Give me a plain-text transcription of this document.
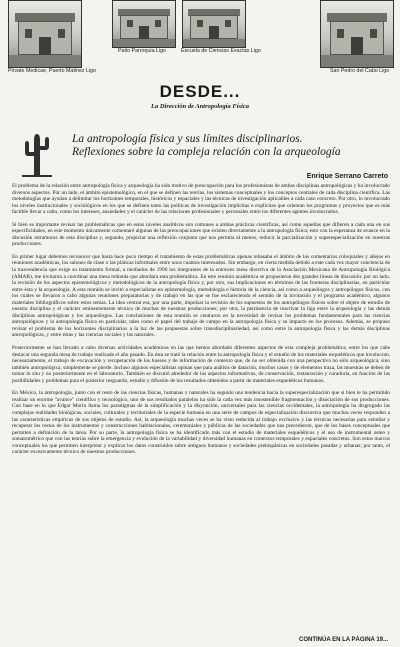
Patio Parroquia Ligo	Escuela de Ciencias Exactas Ligo
Private Medicae, Puerto Matinez Ligo	San Pedro del Cabo Ligo
DESDE...
La Dirección de Antropología Física
La antropología física y sus límites disciplinarios.
Reflexiones sobre la compleja relación con la arqueología
Enrique Serrano Carreto

El problema de la relación entre antropología física y arqueología ha sido motivo de preocupación para los profesionistas de ambas disciplinas antropológicas y ha involucrado diversos aspectos. Por un lado, el ámbito epistemológico, en el que se definen las teorías, los sistemas conceptuales y los conceptos centrales de cada disciplina científica. Las metodologías que ayudan a delimitar los horizontes temporales, históricos y espaciales y las técnicas de investigación aplicables a cada caso concreto. Por otro, lo involucrado los niveles institucionales y sociológicos en los que se definen tanto las políticas de investigación implícitas o explícitas que orientan los programas y proyectos que es más factible llevar a cabo, como los intereses, ansiedades y el carácter de las relaciones profesionales y personales entre los diferentes agentes involucrados.

Si bien es importante revisar las problemáticas que en estos niveles analíticos son comunes a ambas prácticas científicas, así como aquellas que difieren a cada una en sus especificidades, en este momento únicamente comentaré algunas de las preocupaciones que existen directamente a la antropología física; esto con la esperanza de avance en la discusión intramuros de esta disciplina y, segundo, propiciar una reflexión conjunta que nos permita al menos, reducir la parcialización y superespecialización en nuestras producciones.

En primer lugar debemos reconocer que hasta hace poco tiempo el tratamiento de estas problemáticas apenas rebasaba el ámbito de los comentarios coloquiales y añejos en reuniones académicas, los salones de clase o las pláticas informales entre unos cuantos interesados. Sin embargo, en cierta medida debido a este cada vez mayor conciencia de la trascendencia que exige su tratamiento formal, a mediados de 1990 los integrantes de la entonces mesa directiva de la Asociación Mexicana de Antropología Biológica (AMAB), me invitaron a coordinar una mesa redonda que abordara esta problemática. En este reunión académica se propusieron dos grandes líneas de discusión: por un lado, la revisión de los aspectos epistemológicos y metodológicos de la antropología física y, por otro, sus implicaciones en términos de las fronteras disciplinarias, en particular entre ésta y la arqueología. A esta reunión se invitó a especialistas en epistemología, metodología e historia de la ciencia, así como a arqueólogos y antropólogos físicos, con los cuales se llevaron a cabo algunas reuniones preparatorias y de trabajo en las que se fue esclareciendo el sentido de la invitación y el programa académico, algunos materiales bibliográficos sobre estos temas. La idea central era, por una parte, impulsar la revisión de los supuestos de los antropólogos físicos sobre el objeto de estudio de nuestra disciplina y el carácter eminentemente técnico de muchas de nuestras producciones; por otra, la pertinencia de reactivar la liga entre la arqueología y las demás disciplinas antropológicas y los arqueólogos. Las conclusiones de esta reunión se centraron en la necesidad de revisar los problemas fundamentales para las ciencias antropológicas y la antropología física en particular, tales como el papel del trabajo de campo en la antropología física y su impacto en los procesos. Además, se propuso revisar el problema de los horizontes disciplinarios a la luz de las propuestas sobre transdisciplinariedad, así como entre la antropología física y las demás disciplinas antropológicas, y entre éstas y las ciencias sociales y las naturales.

Posteriormente se han llevado a cabo diversas actividades académicas en las que hemos abordado diferentes aspectos de esta compleja problemática, entre los que cabe destacar una segunda mesa de trabajo realizada el año pasado. En ésta se trató la relación entre la antropología física y el estudio de los materiales esqueléticos que involucran, necesariamente, el trabajo de excavación y recuperación de los huesos y de información de contexto que, de no ser obtenida con una perspectiva no sólo arqueológica, sino también antropológica, simplemente se pierde. Incluso algunos especialistas opinan que para análisis de datación, muchos casos y de elementos traza, las muestras se deben de tomar in situ y no posteriormente en el laboratorio. También se discutió alrededor de los aspectos informativos, de conservación, restauración y curaduría, en función de las posibilidades y problemas para el posterior resguardo, estudio y difusión de los resultados obtenidos a partir de materiales esqueléticos humanos.

En México, la antropología, junto con el resto de las ciencias físicas, humanas y naturales ha seguido una tendencia hacia la superespecialización que si bien le ha permitido realizar un enorme "avance" científico y tecnológico, uno de sus resultados paralelos ha sido la cada vez más insostenible fragmentación y disociación de sus producciones. Con base en lo que Edgar Morín llama los paradigmas de la simplificación y la disyunción, universales para las ciencias occidentales, la antropología ha disgregado las complejas realidades biológicas, sociales, culturales y territoriales de la especie humana en una serie de campos de especialización discursiva que muchas veces responden a las características empíricas de sus objetos de estudio. Así, la arqueología muchas veces se ha visto reducida al trabajo exclusivo y las técnicas necesarias para estudiar y recuperar los restos de los instrumentos y construcciones habitacionales, ceremoniales y públicas de las sociedades que nos precedieron, que de los bases conceptuales que permiten a definición de la tarea. Por su parte, la antropología física se ha identificado más con el estudio de materiales esqueléticos y el uso de instrumental osteo y somatométrico que con las teorías sobre la emergencia y evolución de la variabilidad y diversidad humanas en contextos temporales y espaciales concretos. Son estos marcos conceptuales los que permiten interpretar y explicar los datos construidos sobre antiguos humanos y sociedades prehispánicas en sociedades pasadas y urbanas; por tanto, el carácter excesivamente técnico de nuestras producciones.

CONTINÚA EN LA PÁGINA 19...
